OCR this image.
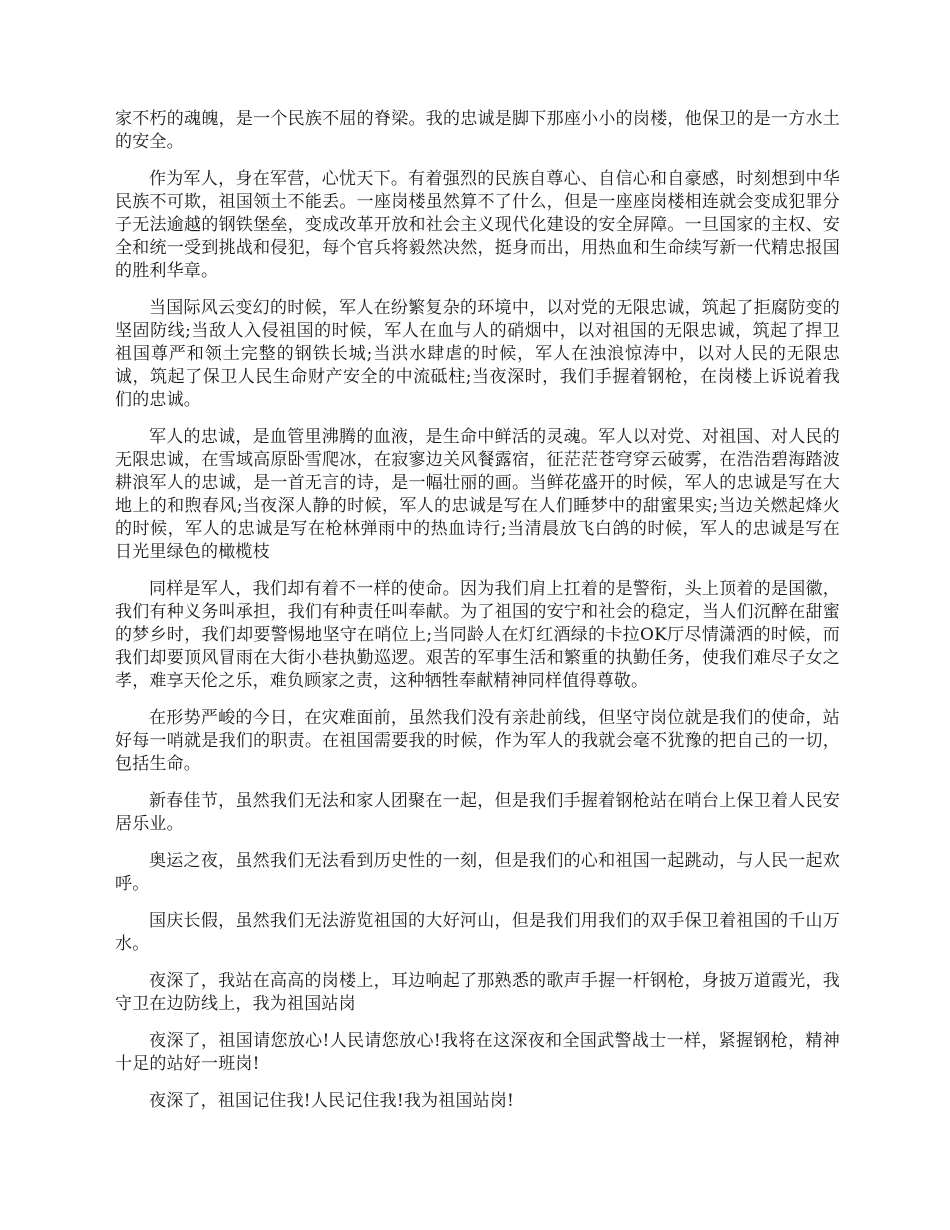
家不朽的魂魄，是一个民族不屈的脊梁。我的忠诚是脚下那座小小的岗楼，他保卫的是一方水土的安全。

作为军人，身在军营，心忧天下。有着强烈的民族自尊心、自信心和自豪感，时刻想到中华民族不可欺，祖国领土不能丢。一座岗楼虽然算不了什么，但是一座座岗楼相连就会变成犯罪分子无法逾越的钢铁堡垒，变成改革开放和社会主义现代化建设的安全屏障。一旦国家的主权、安全和统一受到挑战和侵犯，每个官兵将毅然决然，挺身而出，用热血和生命续写新一代精忠报国的胜利华章。

当国际风云变幻的时候，军人在纷繁复杂的环境中，以对党的无限忠诚，筑起了拒腐防变的坚固防线;当敌人入侵祖国的时候，军人在血与人的硝烟中，以对祖国的无限忠诚，筑起了捍卫祖国尊严和领土完整的钢铁长城;当洪水肆虐的时候，军人在浊浪惊涛中，以对人民的无限忠诚，筑起了保卫人民生命财产安全的中流砥柱;当夜深时，我们手握着钢枪，在岗楼上诉说着我们的忠诚。

军人的忠诚，是血管里沸腾的血液，是生命中鲜活的灵魂。军人以对党、对祖国、对人民的无限忠诚，在雪域高原卧雪爬冰，在寂寥边关风餐露宿，征茫茫苍穹穿云破雾，在浩浩碧海踏波耕浪军人的忠诚，是一首无言的诗，是一幅壮丽的画。当鲜花盛开的时候，军人的忠诚是写在大地上的和煦春风;当夜深人静的时候，军人的忠诚是写在人们睡梦中的甜蜜果实;当边关燃起烽火的时候，军人的忠诚是写在枪林弹雨中的热血诗行;当清晨放飞白鸽的时候，军人的忠诚是写在日光里绿色的橄榄枝

同样是军人，我们却有着不一样的使命。因为我们肩上扛着的是警衔，头上顶着的是国徽，我们有种义务叫承担，我们有种责任叫奉献。为了祖国的安宁和社会的稳定，当人们沉醉在甜蜜的梦乡时，我们却要警惕地坚守在哨位上;当同龄人在灯红酒绿的卡拉OK厅尽情潇洒的时候，而我们却要顶风冒雨在大街小巷执勤巡逻。艰苦的军事生活和繁重的执勤任务，使我们难尽子女之孝，难享天伦之乐，难负顾家之责，这种牺牲奉献精神同样值得尊敬。

在形势严峻的今日，在灾难面前，虽然我们没有亲赴前线，但坚守岗位就是我们的使命，站好每一哨就是我们的职责。在祖国需要我的时候，作为军人的我就会毫不犹豫的把自己的一切，包括生命。

新春佳节，虽然我们无法和家人团聚在一起，但是我们手握着钢枪站在哨台上保卫着人民安居乐业。

奥运之夜，虽然我们无法看到历史性的一刻，但是我们的心和祖国一起跳动，与人民一起欢呼。

国庆长假，虽然我们无法游览祖国的大好河山，但是我们用我们的双手保卫着祖国的千山万水。

夜深了，我站在高高的岗楼上，耳边响起了那熟悉的歌声手握一杆钢枪，身披万道霞光，我守卫在边防线上，我为祖国站岗

夜深了，祖国请您放心!人民请您放心!我将在这深夜和全国武警战士一样，紧握钢枪，精神十足的站好一班岗!

夜深了，祖国记住我!人民记住我!我为祖国站岗!
